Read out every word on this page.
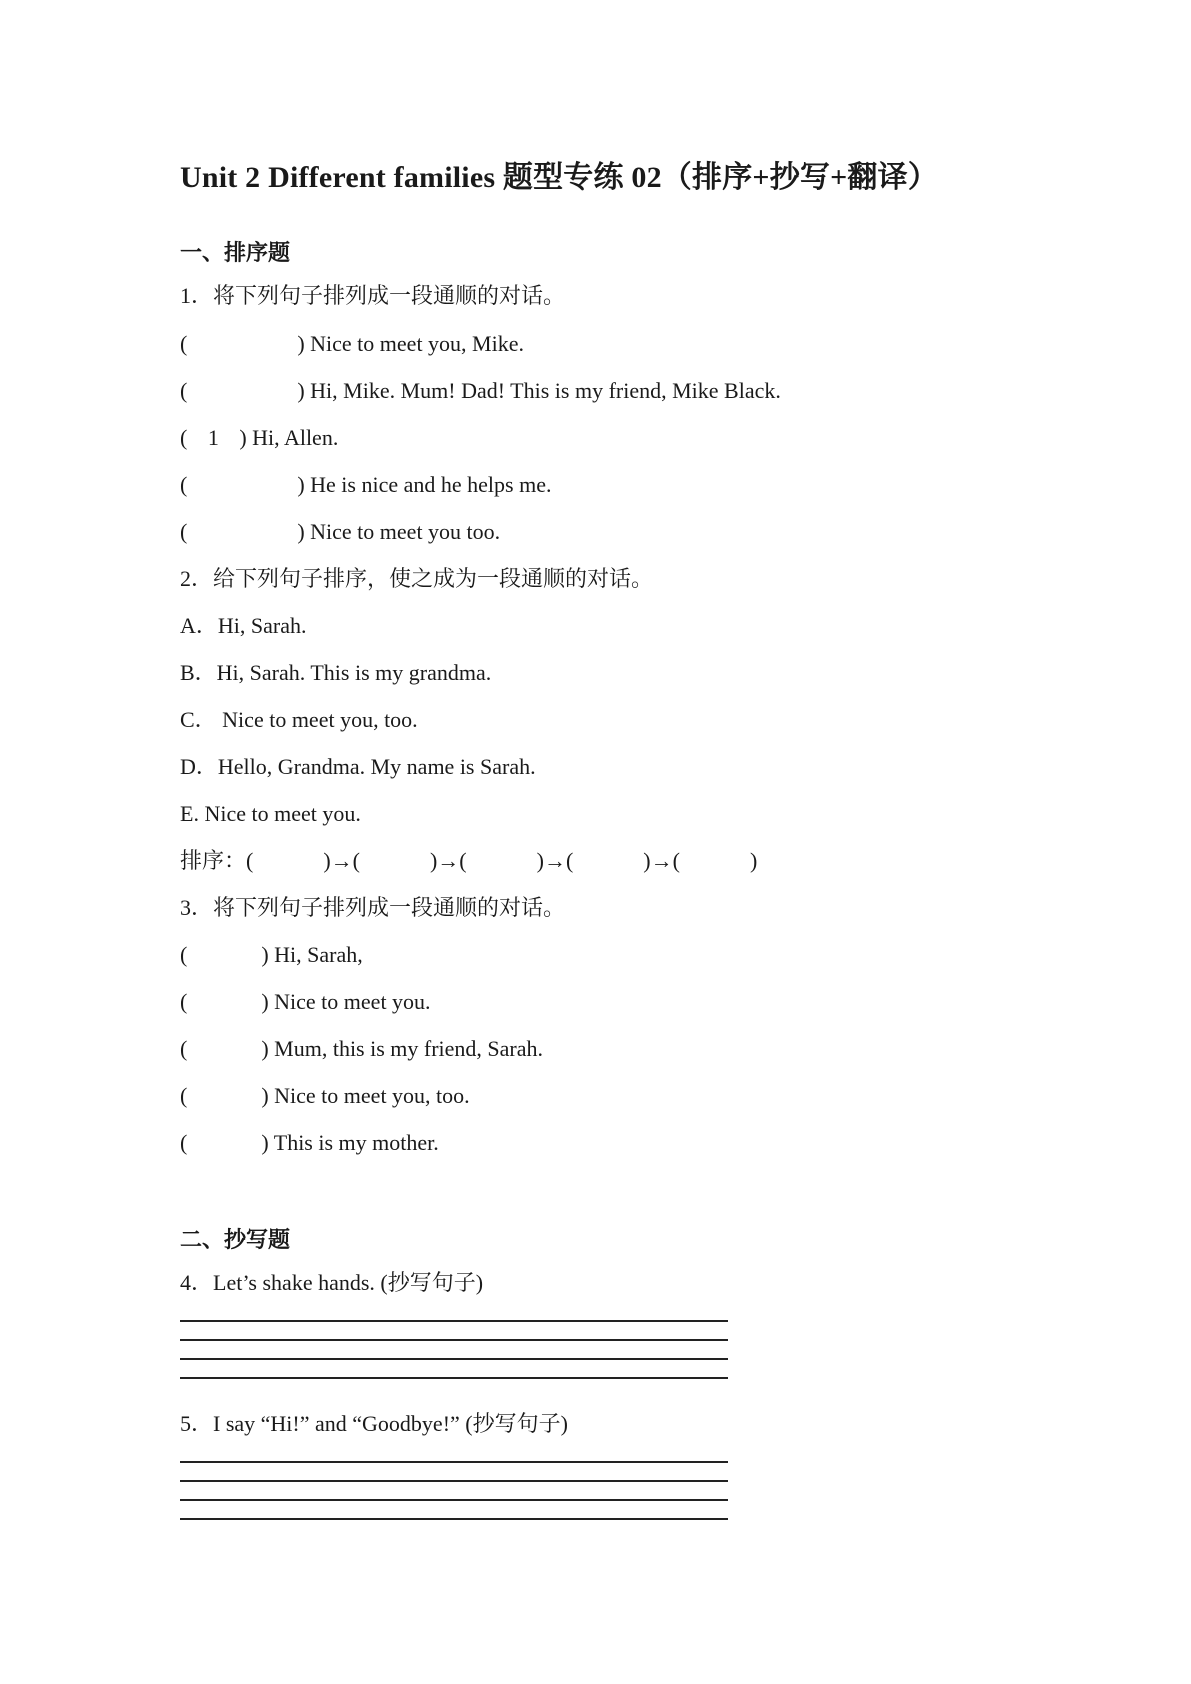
Unit 2 Different families 题型专练 02（排序+抄写+翻译）
一、排序题
1．将下列句子排列成一段通顺的对话。
(	) Nice to meet you, Mike.
(	) Hi, Mike. Mum! Dad! This is my friend, Mike Black.
( 1 ) Hi, Allen.
(	) He is nice and he helps me.
(	) Nice to meet you too.
2．给下列句子排序，使之成为一段通顺的对话。
A．Hi, Sarah.
B．Hi, Sarah. This is my grandma.
C． Nice to meet you, too.
D．Hello, Grandma. My name is Sarah.
E. Nice to meet you.
排序：(	)→(	)→(	)→(	)→(	)
3．将下列句子排列成一段通顺的对话。
(	) Hi, Sarah,
(	) Nice to meet you.
(	) Mum, this is my friend, Sarah.
(	) Nice to meet you, too.
(	) This is my mother.
二、抄写题
4．Let’s shake hands. (抄写句子)
5．I say “Hi!” and “Goodbye!” (抄写句子)
